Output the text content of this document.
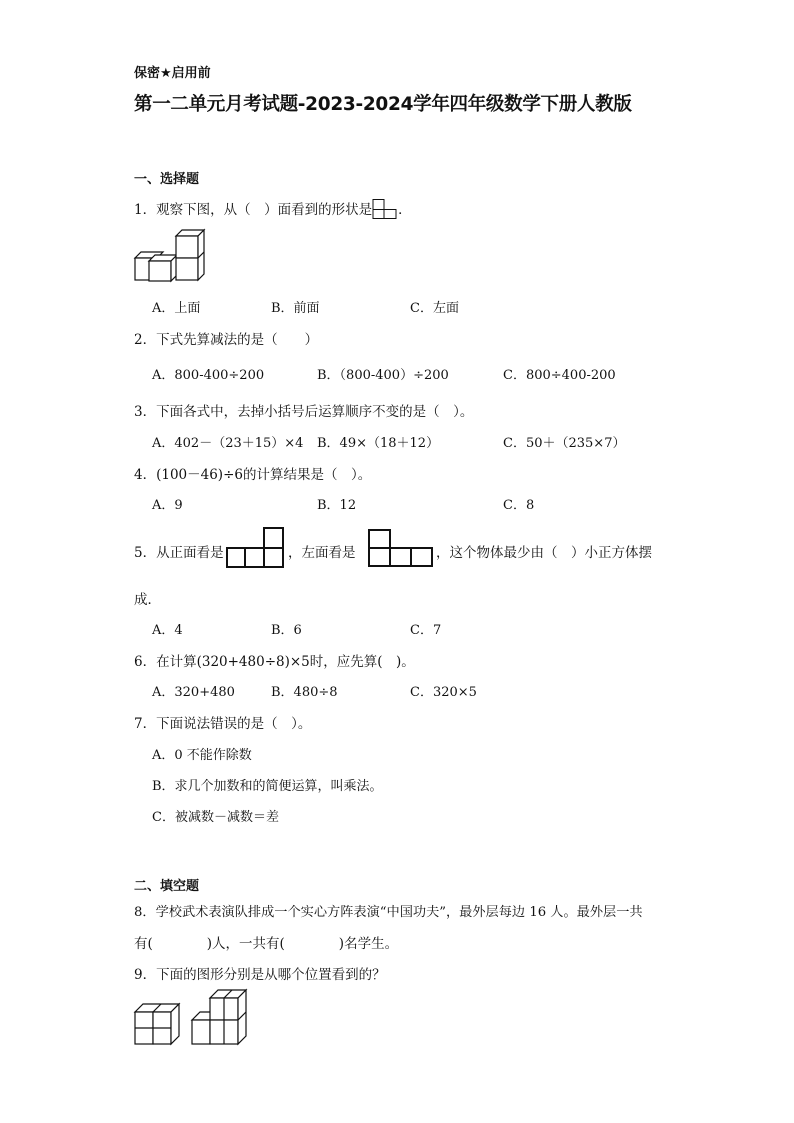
保密★启用前
第一二单元月考试题-2023-2024学年四年级数学下册人教版
一、选择题
1．观察下图，从（　）面看到的形状是 ．
A．上面	B．前面	C．左面
2．下式先算减法的是（　　）
A．800-400÷200	B．（800-400）÷200	C．800÷400-200
3．下面各式中，去掉小括号后运算顺序不变的是（　）。
A．402－（23＋15）×4 B．49×（18＋12）	C．50＋（235×7）
4．(100－46)÷6的计算结果是（　）。
A．9	B．12	C．8
5．从正面看是	，左面看是	，这个物体最少由（　）小正方体摆
成．
A．4	B．6	C．7
6．在计算(320+480÷8)×5时，应先算(　)。
A．320+480	B．480÷8	C．320×5
7．下面说法错误的是（　）。
A．0 不能作除数
B．求几个加数和的简便运算，叫乘法。
C．被减数－减数＝差
二、填空题
8．学校武术表演队排成一个实心方阵表演“中国功夫”，最外层每边 16 人。最外层一共
有(　　　　)人，一共有(　　　　)名学生。
9．下面的图形分别是从哪个位置看到的？
